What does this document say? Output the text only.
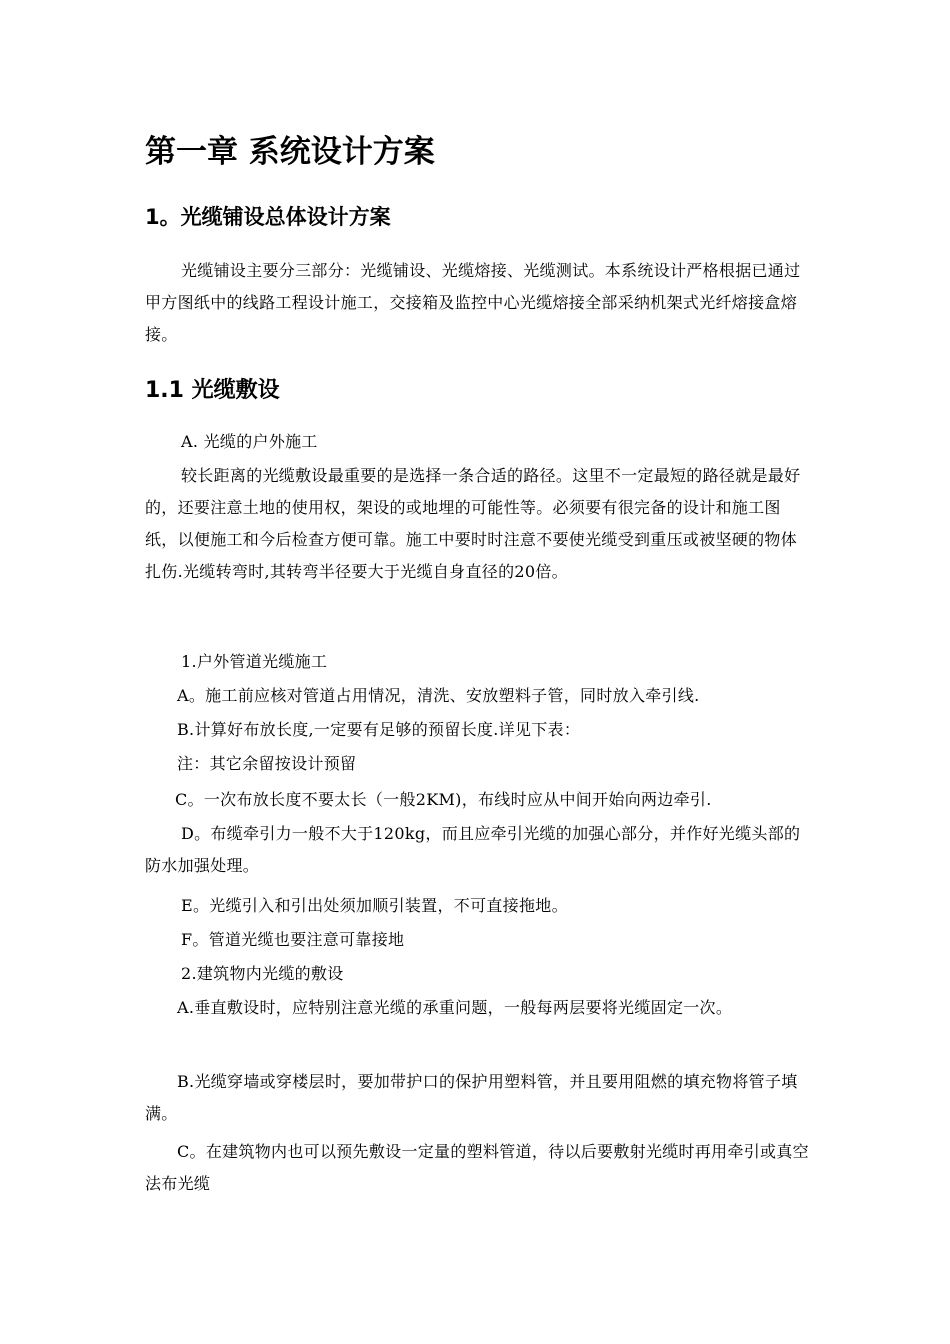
第一章 系统设计方案
1。光缆铺设总体设计方案

光缆铺设主要分三部分：光缆铺设、光缆熔接、光缆测试。本系统设计严格根据已通过甲方图纸中的线路工程设计施工，交接箱及监控中心光缆熔接全部采纳机架式光纤熔接盒熔接。

1.1 光缆敷设

A. 光缆的户外施工

较长距离的光缆敷设最重要的是选择一条合适的路径。这里不一定最短的路径就是最好的，还要注意土地的使用权，架设的或地埋的可能性等。必须要有很完备的设计和施工图纸，以便施工和今后检查方便可靠。施工中要时时注意不要使光缆受到重压或被坚硬的物体扎伤.光缆转弯时,其转弯半径要大于光缆自身直径的20倍。

1.户外管道光缆施工

A。施工前应核对管道占用情况，清洗、安放塑料子管，同时放入牵引线.

B.计算好布放长度,一定要有足够的预留长度.详见下表：

注：其它余留按设计预留

C。一次布放长度不要太长（一般2KM)，布线时应从中间开始向两边牵引.

D。布缆牵引力一般不大于120kg，而且应牵引光缆的加强心部分，并作好光缆头部的防水加强处理。

E。光缆引入和引出处须加顺引装置，不可直接拖地。

F。管道光缆也要注意可靠接地

2.建筑物内光缆的敷设

A.垂直敷设时，应特别注意光缆的承重问题，一般每两层要将光缆固定一次。

B.光缆穿墙或穿楼层时，要加带护口的保护用塑料管，并且要用阻燃的填充物将管子填满。

C。在建筑物内也可以预先敷设一定量的塑料管道，待以后要敷射光缆时再用牵引或真空法布光缆
